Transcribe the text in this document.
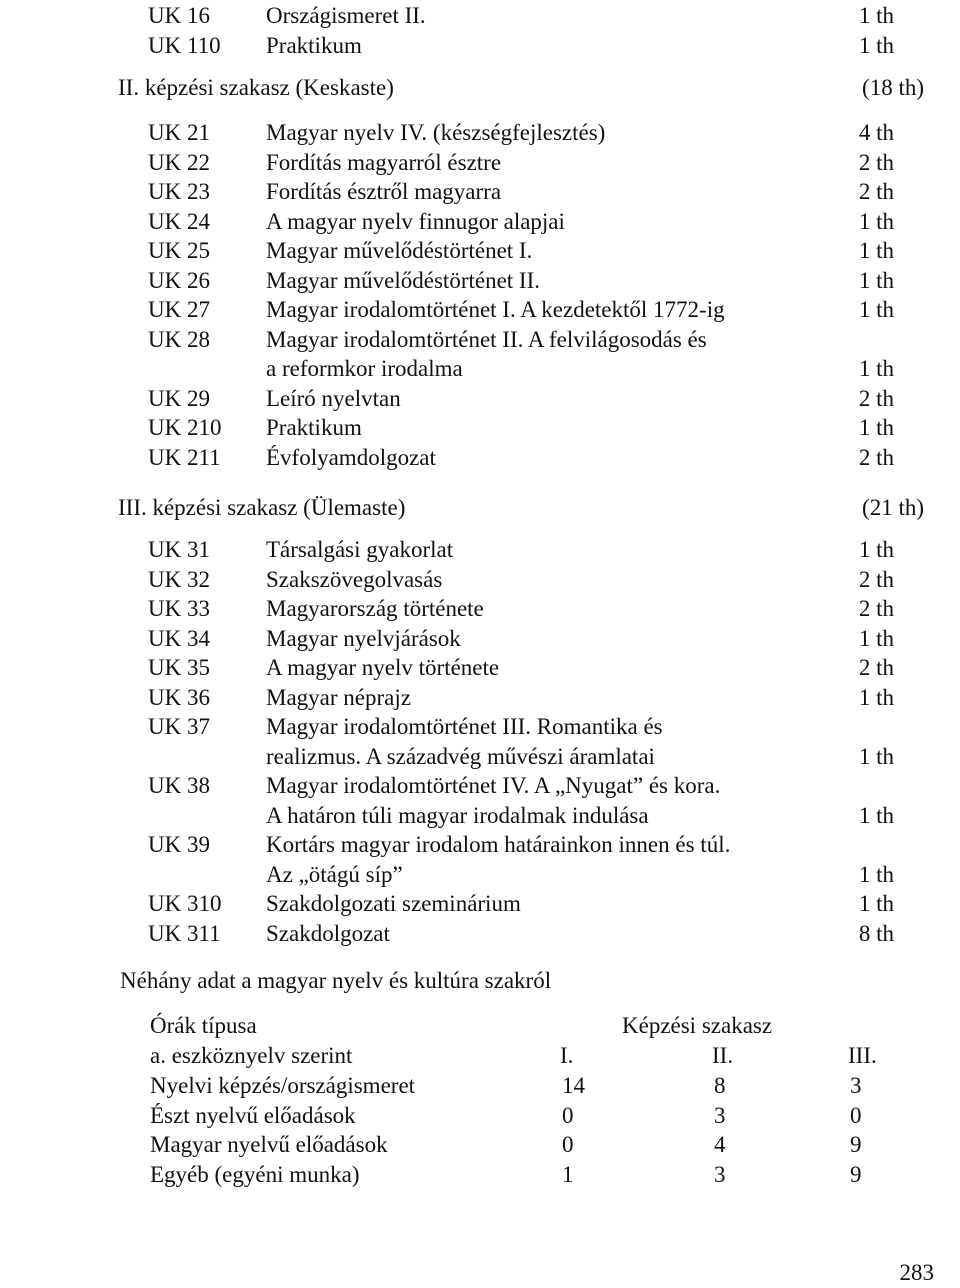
UK 16 Országismeret II.	1 th
UK 110 Praktikum	1 th
II. képzési szakasz (Keskaste)	(18 th)
UK 21 Magyar nyelv IV. (készségfejlesztés)	4 th
UK 22 Fordítás magyarról észtre	2 th
UK 23 Fordítás észtről magyarra	2 th
UK 24 A magyar nyelv finnugor alapjai	1 th
UK 25 Magyar művelődéstörténet I.	1 th
UK 26 Magyar művelődéstörténet II.	1 th
UK 27 Magyar irodalomtörténet I. A kezdetektől 1772-ig	1 th
UK 28 Magyar irodalomtörténet II. A felvilágosodás és
a reformkor irodalma	1 th
UK 29 Leíró nyelvtan	2 th
UK 210 Praktikum	1 th
UK 211 Évfolyamdolgozat	2 th
III. képzési szakasz (Ülemaste)	(21 th)
UK 31 Társalgási gyakorlat	1 th
UK 32 Szakszövegolvasás	2 th
UK 33 Magyarország története	2 th
UK 34 Magyar nyelvjárások	1 th
UK 35 A magyar nyelv története	2 th
UK 36 Magyar néprajz	1 th
UK 37 Magyar irodalomtörténet III. Romantika és
realizmus. A századvég művészi áramlatai	1 th
UK 38 Magyar irodalomtörténet IV. A „Nyugat” és kora.
A határon túli magyar irodalmak indulása	1 th
UK 39 Kortárs magyar irodalom határainkon innen és túl.
Az „ötágú síp”	1 th
UK 310 Szakdolgozati szeminárium	1 th
UK 311 Szakdolgozat	8 th
Néhány adat a magyar nyelv és kultúra szakról
Órák típusa	Képzési szakasz
a. eszköznyelv szerint	I.	II.	III.
Nyelvi képzés/országismeret	14	8	3
Észt nyelvű előadások	0	3	0
Magyar nyelvű előadások	0	4	9
Egyéb (egyéni munka)	1	3	9
283
